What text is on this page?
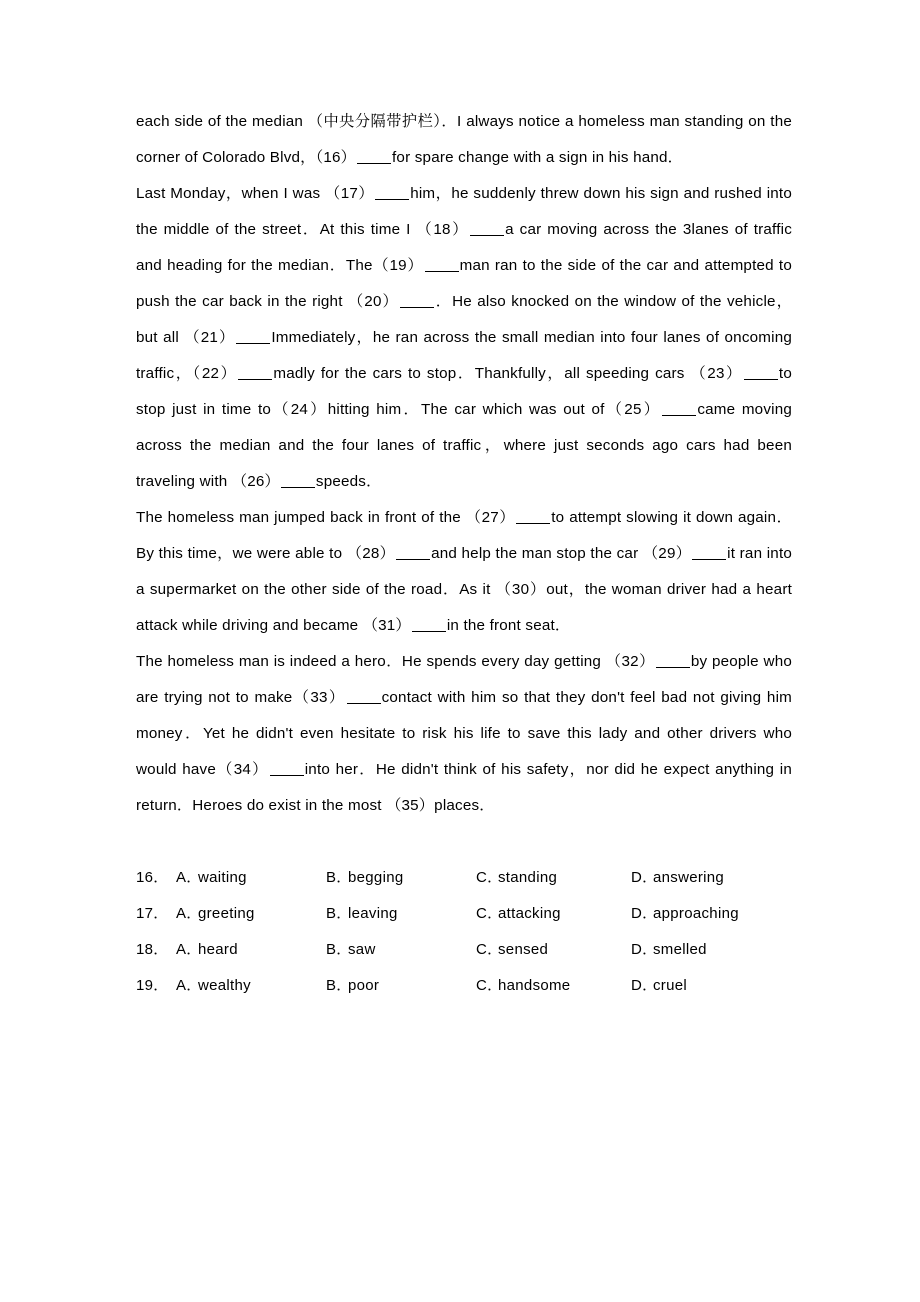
each side of the median （中央分隔带护栏）．I always notice a homeless man standing on the corner of Colorado Blvd，（16） for spare change with a sign in his hand．

Last Monday，when I was （17） him，he suddenly threw down his sign and rushed into the middle of the street．At this time I （18） a car moving across the 3lanes of traffic and heading for the median．The（19） man ran to the side of the car and attempted to push the car back in the right （20） ．He also knocked on the window of the vehicle，but all （21） Immediately，he ran across the small median into four lanes of oncoming traffic，（22） madly for the cars to stop．Thankfully，all speeding cars （23） to stop just in time to（24）hitting him．The car which was out of（25） came moving across the median and the four lanes of traffic，where just seconds ago cars had been traveling with （26） speeds．

The homeless man jumped back in front of the （27） to attempt slowing it down again．By this time，we were able to （28） and help the man stop the car （29） it ran into a supermarket on the other side of the road．As it （30）out，the woman driver had a heart attack while driving and became （31） in the front seat．

The homeless man is indeed a hero．He spends every day getting （32） by people who are trying not to make（33） contact with him so that they don't feel bad not giving him money．Yet he didn't even hesitate to risk his life to save this lady and other drivers who would have（34） into her．He didn't think of his safety，nor did he expect anything in return．Heroes do exist in the most （35）places．

16． A．waiting	B．begging	C．standing	D．answering
17． A．greeting	B．leaving	C．attacking	D．approaching
18． A．heard	B．saw	C．sensed	D．smelled
19． A．wealthy	B．poor	C．handsome	D．cruel
